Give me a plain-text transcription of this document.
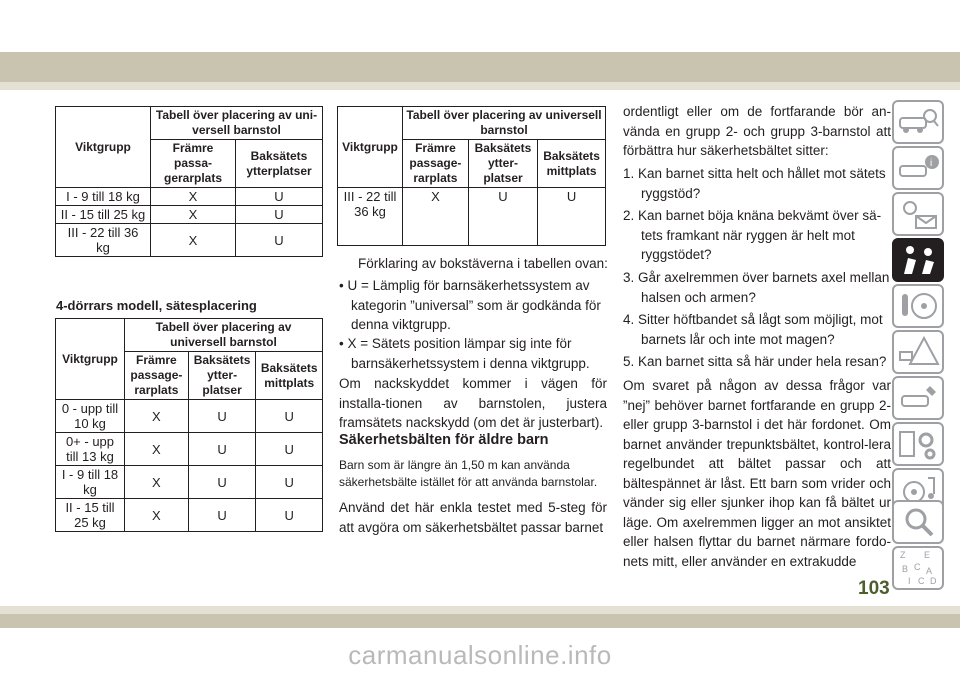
Viktgrupp	Tabell över placering av uni-versell barnstol	
	Främre passa-gerarplats	Baksätets ytterplatser
I - 9 till 18 kg	X	U
II - 15 till 25 kg	X	U
III - 22 till 36 kg	X	U
4-dörrars modell, sätesplacering
Viktgrupp	Tabell över placering av universell barnstol		
	Främre passage-rarplats	Baksätets ytter-platser	Baksätets mittplats
0 - upp till 10 kg	X	U	U
0+ - upp till 13 kg	X	U	U
I - 9 till 18 kg	X	U	U
II - 15 till 25 kg	X	U	U
Viktgrupp	Tabell över placering av universell barnstol		
	Främre passage-rarplats	Baksätets ytter-platser	Baksätets mittplats
III - 22 till 36 kg	X	U	U
Förklaring av bokstäverna i tabellen ovan:
• U = Lämplig för barnsäkerhetssystem av kategorin ”universal” som är godkända för denna viktgrupp.
• X = Sätets position lämpar sig inte för barnsäkerhetssystem i denna viktgrupp.
Om nackskyddet kommer i vägen för installa-tionen av barnstolen, justera framsätets nackskydd (om det är justerbart).
Säkerhetsbälten för äldre barn
Barn som är längre än 1,50 m kan använda säkerhetsbälte istället för att använda barnstolar.
Använd det här enkla testet med 5-steg för att avgöra om säkerhetsbältet passar barnet
ordentligt eller om de fortfarande bör an-vända en grupp 2- och grupp 3-barnstol att förbättra hur säkerhetsbältet sitter:
1. Kan barnet sitta helt och hållet mot sätets ryggstöd?
2. Kan barnet böja knäna bekvämt över sä-tets framkant när ryggen är helt mot ryggstödet?
3. Går axelremmen över barnets axel mellan halsen och armen?
4. Sitter höftbandet så lågt som möjligt, mot barnets lår och inte mot magen?
5. Kan barnet sitta så här under hela resan?
Om svaret på någon av dessa frågor var ”nej” behöver barnet fortfarande en grupp 2- eller grupp 3-barnstol i det här fordonet. Om barnet använder trepunktsbältet, kontrol-lera regelbundet att bältet passar och att bältespännet är låst. Ett barn som vrider och vänder sig eller sjunker ihop kan få bältet ur läge. Om axelremmen ligger an mot ansiktet eller halsen flyttar du barnet närmare fordo-nets mitt, eller använder en extrakudde
i
Z E
B C A
I C D
103
carmanualsonline.info
